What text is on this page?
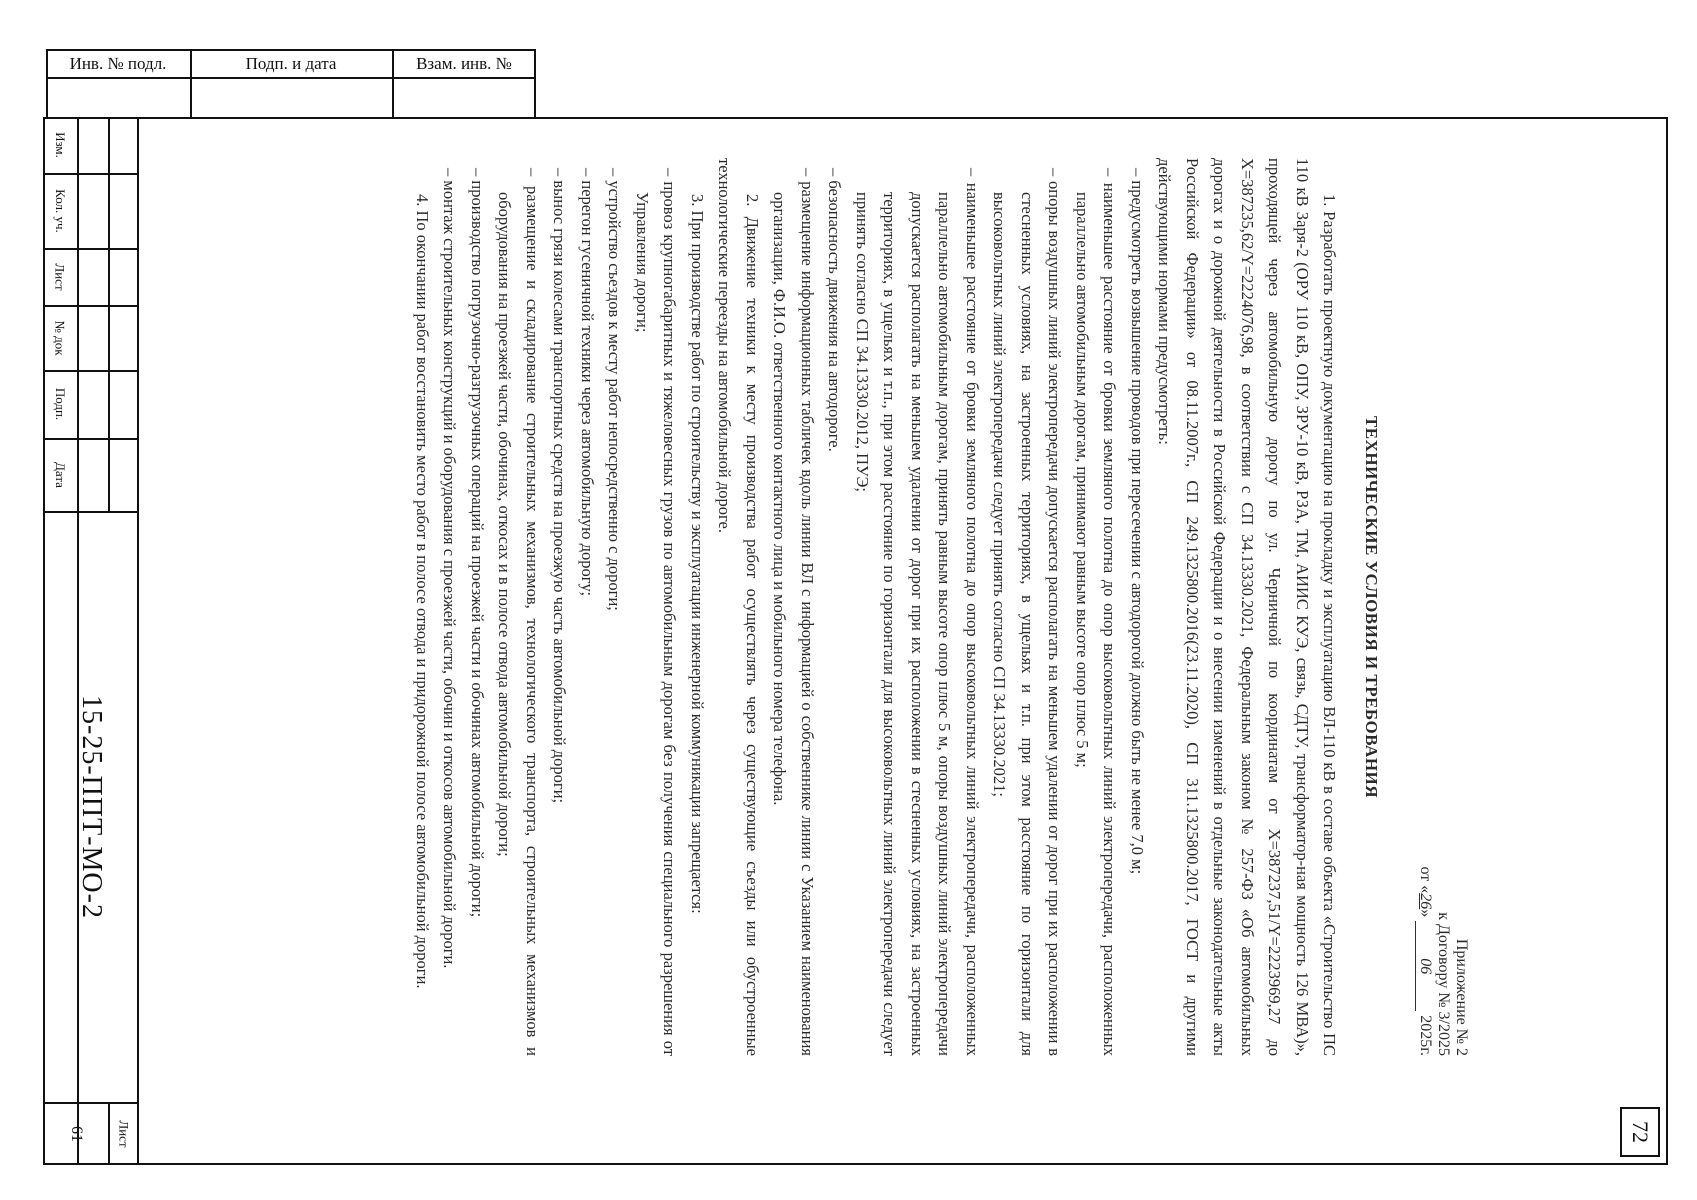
Инв. № подл.	Подп. и дата	Взам. инв. №
Изм.
Кол. уч.
Лист
№ док
Подп.
Дата
15-25-ППТ-МО-2
Лист
61	72
Приложение № 2
к Договору № 3/2025
от «26» 06 2025г.
ТЕХНИЧЕСКИЕ УСЛОВИЯ И ТРЕБОВАНИЯ

1. Разработать проектную документацию на прокладку и эксплуатацию ВЛ-110 кВ в составе объекта «Строительство ПС 110 кВ Заря-2 (ОРУ 110 кВ, ОПУ, ЗРУ-10 кВ, РЗА, ТМ, АИИС КУЭ, связь, СДТУ, трансформатор-ная мощность 126 МВА)», проходящей через автомобильную дорогу по ул. Черничной по координатам от Х=387237,51/Y=2223969,27 до Х=387235,62/Y=2224076,98, в соответствии с СП 34.13330.2021, Федеральным законом № 257-ФЗ «Об автомобильных дорогах и о дорожной деятельности в Российской Федерации и о внесении изменений в отдельные законодательные акты Российской Федерации» от 08.11.2007г., СП 249.1325800.2016(23.11.2020), СП 311.1325800.2017, ГОСТ и другими действующими нормами предусмотреть:

– предусмотреть возвышение проводов при пересечении с автодорогой должно быть не менее 7,0 м;

– наименьшее расстояние от бровки земляного полотна до опор высоковольтных линий электропередачи, расположенных параллельно автомобильным дорогам, принимают равным высоте опор плюс 5 м;

– опоры воздушных линий электропередачи допускается располагать на меньшем удалении от дорог при их расположении в стесненных условиях, на застроенных территориях, в ущельях и т.п. при этом расстояние по горизонтали для высоковольтных линий электропередачи следует принять согласно СП 34.13330.2021;

– наименьшее расстояние от бровки земляного полотна до опор высоковольтных линий электропередачи, расположенных параллельно автомобильным дорогам, принять равным высоте опор плюс 5 м, опоры воздушных линий электропередачи допускается располагать на меньшем удалении от дорог при их расположении в стесненных условиях, на застроенных территориях, в ущельях и т.п., при этом расстояние по горизонтали для высоковольтных линий электропередачи следует принять согласно СП 34.13330.2012, ПУЭ;

– безопасность движения на автодороге.

– размещение информационных табличек вдоль линии ВЛ с информацией о собственнике линии с Указанием наименования организации, Ф.И.О. ответственного контактного лица и мобильного номера телефона.

2. Движение техники к месту производства работ осуществлять через существующие съезды или обустроенные технологические переезды на автомобильной дороге.

3. При производстве работ по строительству и эксплуатации инженерной коммуникации запрещается:

– провоз крупногабаритных и тяжеловесных грузов по автомобильным дорогам без получения специального разрешения от Управления дороги;

– устройство съездов к месту работ непосредственно с дороги;

– перегон гусеничной техники через автомобильную дорогу;

– вынос грязи колесами транспортных средств на проезжую часть автомобильной дороги;

– размещение и складирование строительных механизмов, технологического транспорта, строительных механизмов и оборудования на проезжей части, обочинах, откосах и в полосе отвода автомобильной дороги;

– производство погрузочно-разгрузочных операций на проезжей части и обочинах автомобильной дороги;

– монтаж строительных конструкций и оборудования с проезжей части, обочин и откосов автомобильной дороги.

4. По окончании работ восстановить место работ в полосе отвода и придорожной полосе автомобильной дороги.
